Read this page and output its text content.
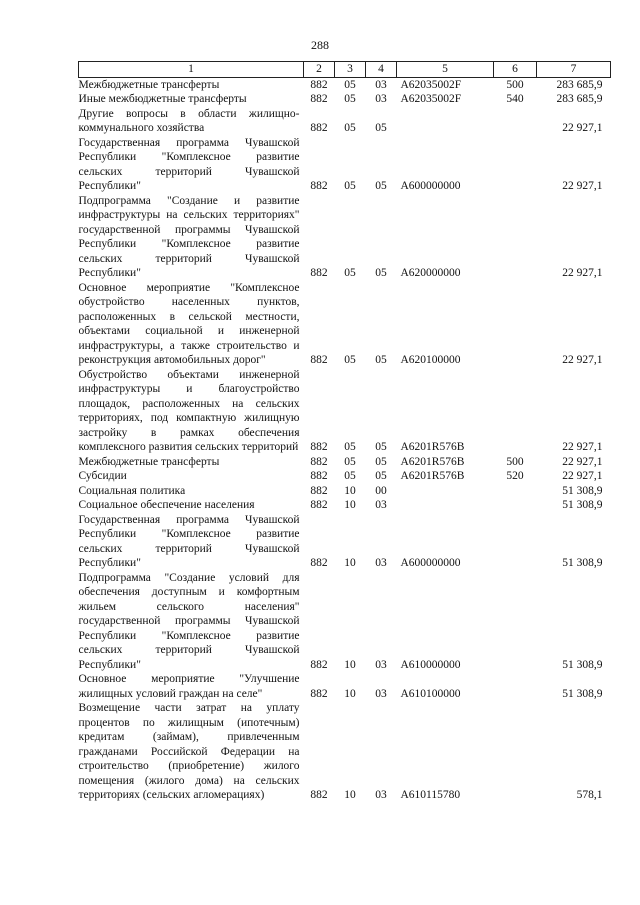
288
1	2	3	4	5	6	7
Межбюджетные трансферты	882	05	03	А62035002F	500	283 685,9
Иные межбюджетные трансферты	882	05	03	А62035002F	540	283 685,9
Другие вопросы в области жилищно-коммунального хозяйства	882	05	05			22 927,1
Государственная программа Чувашской Республики "Комплексное развитие сельских территорий Чувашской Республики"	882	05	05	А600000000		22 927,1
Подпрограмма "Создание и развитие инфраструктуры на сельских территориях" государственной программы Чувашской Республики "Комплексное развитие сельских территорий Чувашской Республики"	882	05	05	А620000000		22 927,1
Основное мероприятие "Комплексное обустройство населенных пунктов, расположенных в сельской местности, объектами социальной и инженерной инфраструктуры, а также строительство и реконструкция автомобильных дорог"	882	05	05	А620100000		22 927,1
Обустройство объектами инженерной инфраструктуры и благоустройство площадок, расположенных на сельских территориях, под компактную жилищную застройку в рамках обеспечения комплексного развития сельских территорий	882	05	05	А6201R576В		22 927,1
Межбюджетные трансферты	882	05	05	А6201R576В	500	22 927,1
Субсидии	882	05	05	А6201R576В	520	22 927,1
Социальная политика	882	10	00			51 308,9
Социальное обеспечение населения	882	10	03			51 308,9
Государственная программа Чувашской Республики "Комплексное развитие сельских территорий Чувашской Республики"	882	10	03	А600000000		51 308,9
Подпрограмма "Создание условий для обеспечения доступным и комфортным жильем сельского населения" государственной программы Чувашской Республики "Комплексное развитие сельских территорий Чувашской Республики"	882	10	03	А610000000		51 308,9
Основное мероприятие "Улучшение жилищных условий граждан на селе"	882	10	03	А610100000		51 308,9
Возмещение части затрат на уплату процентов по жилищным (ипотечным) кредитам (займам), привлеченным гражданами Российской Федерации на строительство (приобретение) жилого помещения (жилого дома) на сельских территориях (сельских агломерациях)	882	10	03	А610115780		578,1
